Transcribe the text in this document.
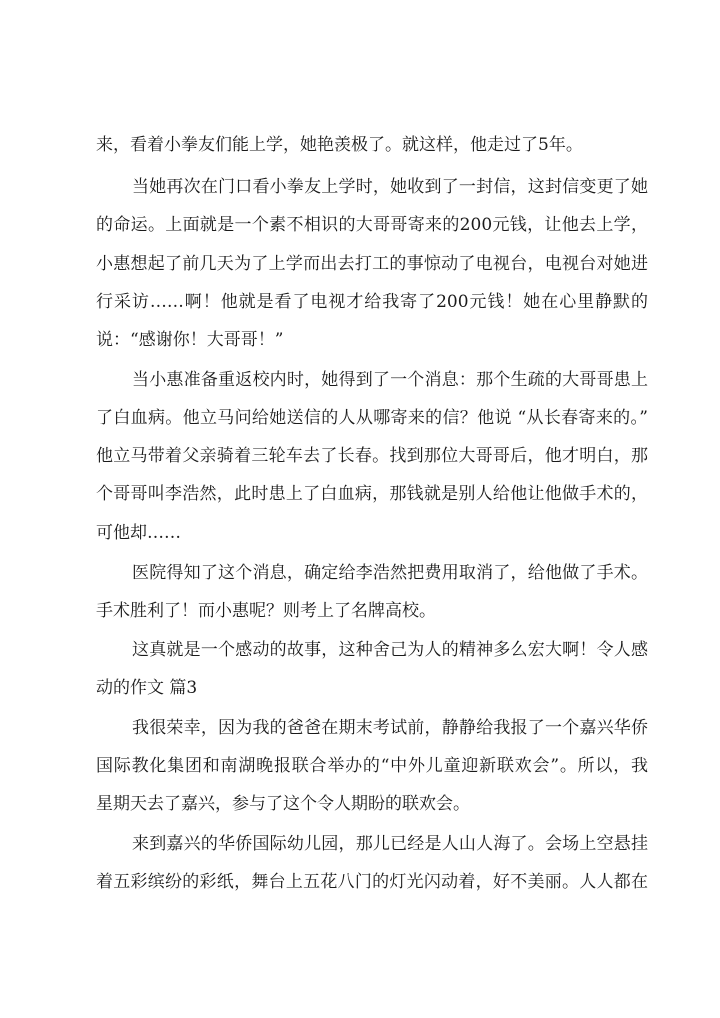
来，看着小拳友们能上学，她艳羡极了。就这样，他走过了5年。
当她再次在门口看小拳友上学时，她收到了一封信，这封信变更了她
的命运。上面就是一个素不相识的大哥哥寄来的200元钱，让他去上学，
小惠想起了前几天为了上学而出去打工的事惊动了电视台，电视台对她进
行采访……啊！他就是看了电视才给我寄了200元钱！她在心里静默的
说：“感谢你！大哥哥！”
当小惠准备重返校内时，她得到了一个消息：那个生疏的大哥哥患上
了白血病。他立马问给她送信的人从哪寄来的信？他说 “从长春寄来的。”
他立马带着父亲骑着三轮车去了长春。找到那位大哥哥后，他才明白，那
个哥哥叫李浩然，此时患上了白血病，那钱就是别人给他让他做手术的，
可他却……
医院得知了这个消息，确定给李浩然把费用取消了，给他做了手术。
手术胜利了！而小惠呢？则考上了名牌高校。
这真就是一个感动的故事，这种舍己为人的精神多么宏大啊！令人感
动的作文 篇3
我很荣幸，因为我的爸爸在期末考试前，静静给我报了一个嘉兴华侨
国际教化集团和南湖晚报联合举办的“中外儿童迎新联欢会”。所以，我
星期天去了嘉兴，参与了这个令人期盼的联欢会。
来到嘉兴的华侨国际幼儿园，那儿已经是人山人海了。会场上空悬挂
着五彩缤纷的彩纸，舞台上五花八门的灯光闪动着，好不美丽。人人都在
